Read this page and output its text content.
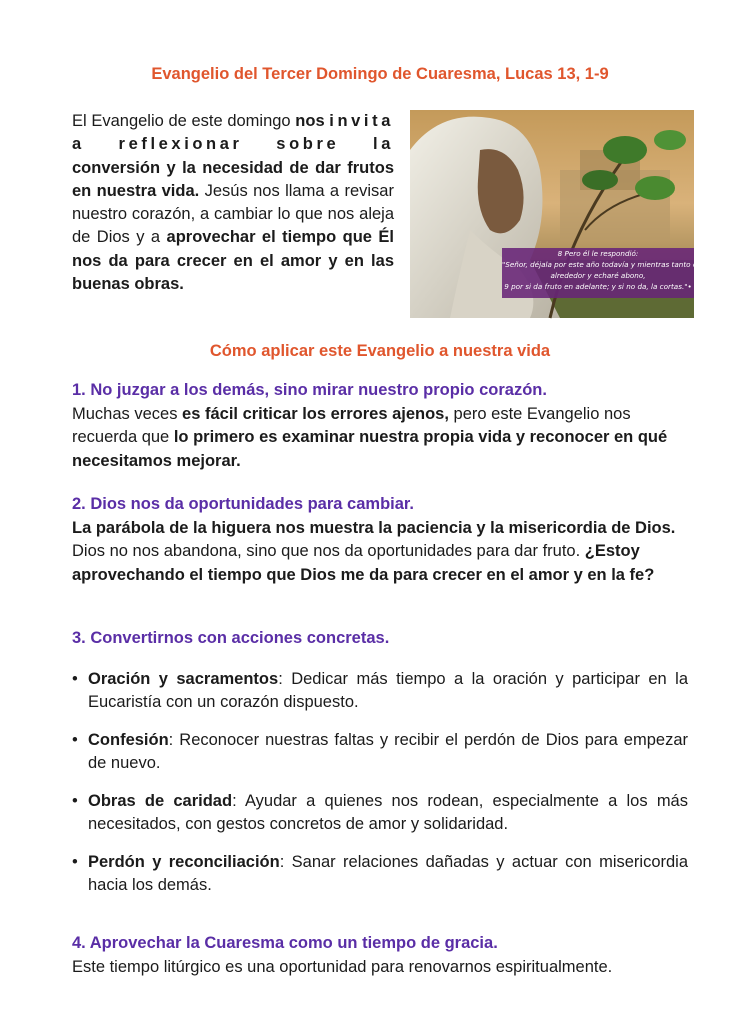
Evangelio del Tercer Domingo de Cuaresma, Lucas 13, 1-9
El Evangelio de este domingo nos invita a reflexionar sobre la conversión y la necesidad de dar frutos en nuestra vida. Jesús nos llama a revisar nuestro corazón, a cambiar lo que nos aleja de Dios y a aprovechar el tiempo que Él nos da para crecer en el amor y en las buenas obras.
8 Pero él le respondió:
"Señor, déjala por este año todavía y mientras tanto cavaré a su
alrededor y echaré abono,
9 por si da fruto en adelante; y si no da, la cortas."•
Cómo aplicar este Evangelio a nuestra vida
1. No juzgar a los demás, sino mirar nuestro propio corazón.
Muchas veces es fácil criticar los errores ajenos, pero este Evangelio nos recuerda que lo primero es examinar nuestra propia vida y reconocer en qué necesitamos mejorar.
2. Dios nos da oportunidades para cambiar.
La parábola de la higuera nos muestra la paciencia y la misericordia de Dios. Dios no nos abandona, sino que nos da oportunidades para dar fruto. ¿Estoy aprovechando el tiempo que Dios me da para crecer en el amor y en la fe?
3. Convertirnos con acciones concretas.
• Oración y sacramentos: Dedicar más tiempo a la oración y participar en la Eucaristía con un corazón dispuesto.
• Confesión: Reconocer nuestras faltas y recibir el perdón de Dios para empezar de nuevo.
• Obras de caridad: Ayudar a quienes nos rodean, especialmente a los más necesitados, con gestos concretos de amor y solidaridad.
• Perdón y reconciliación: Sanar relaciones dañadas y actuar con misericordia hacia los demás.
4. Aprovechar la Cuaresma como un tiempo de gracia.
Este tiempo litúrgico es una oportunidad para renovarnos espiritualmente.
